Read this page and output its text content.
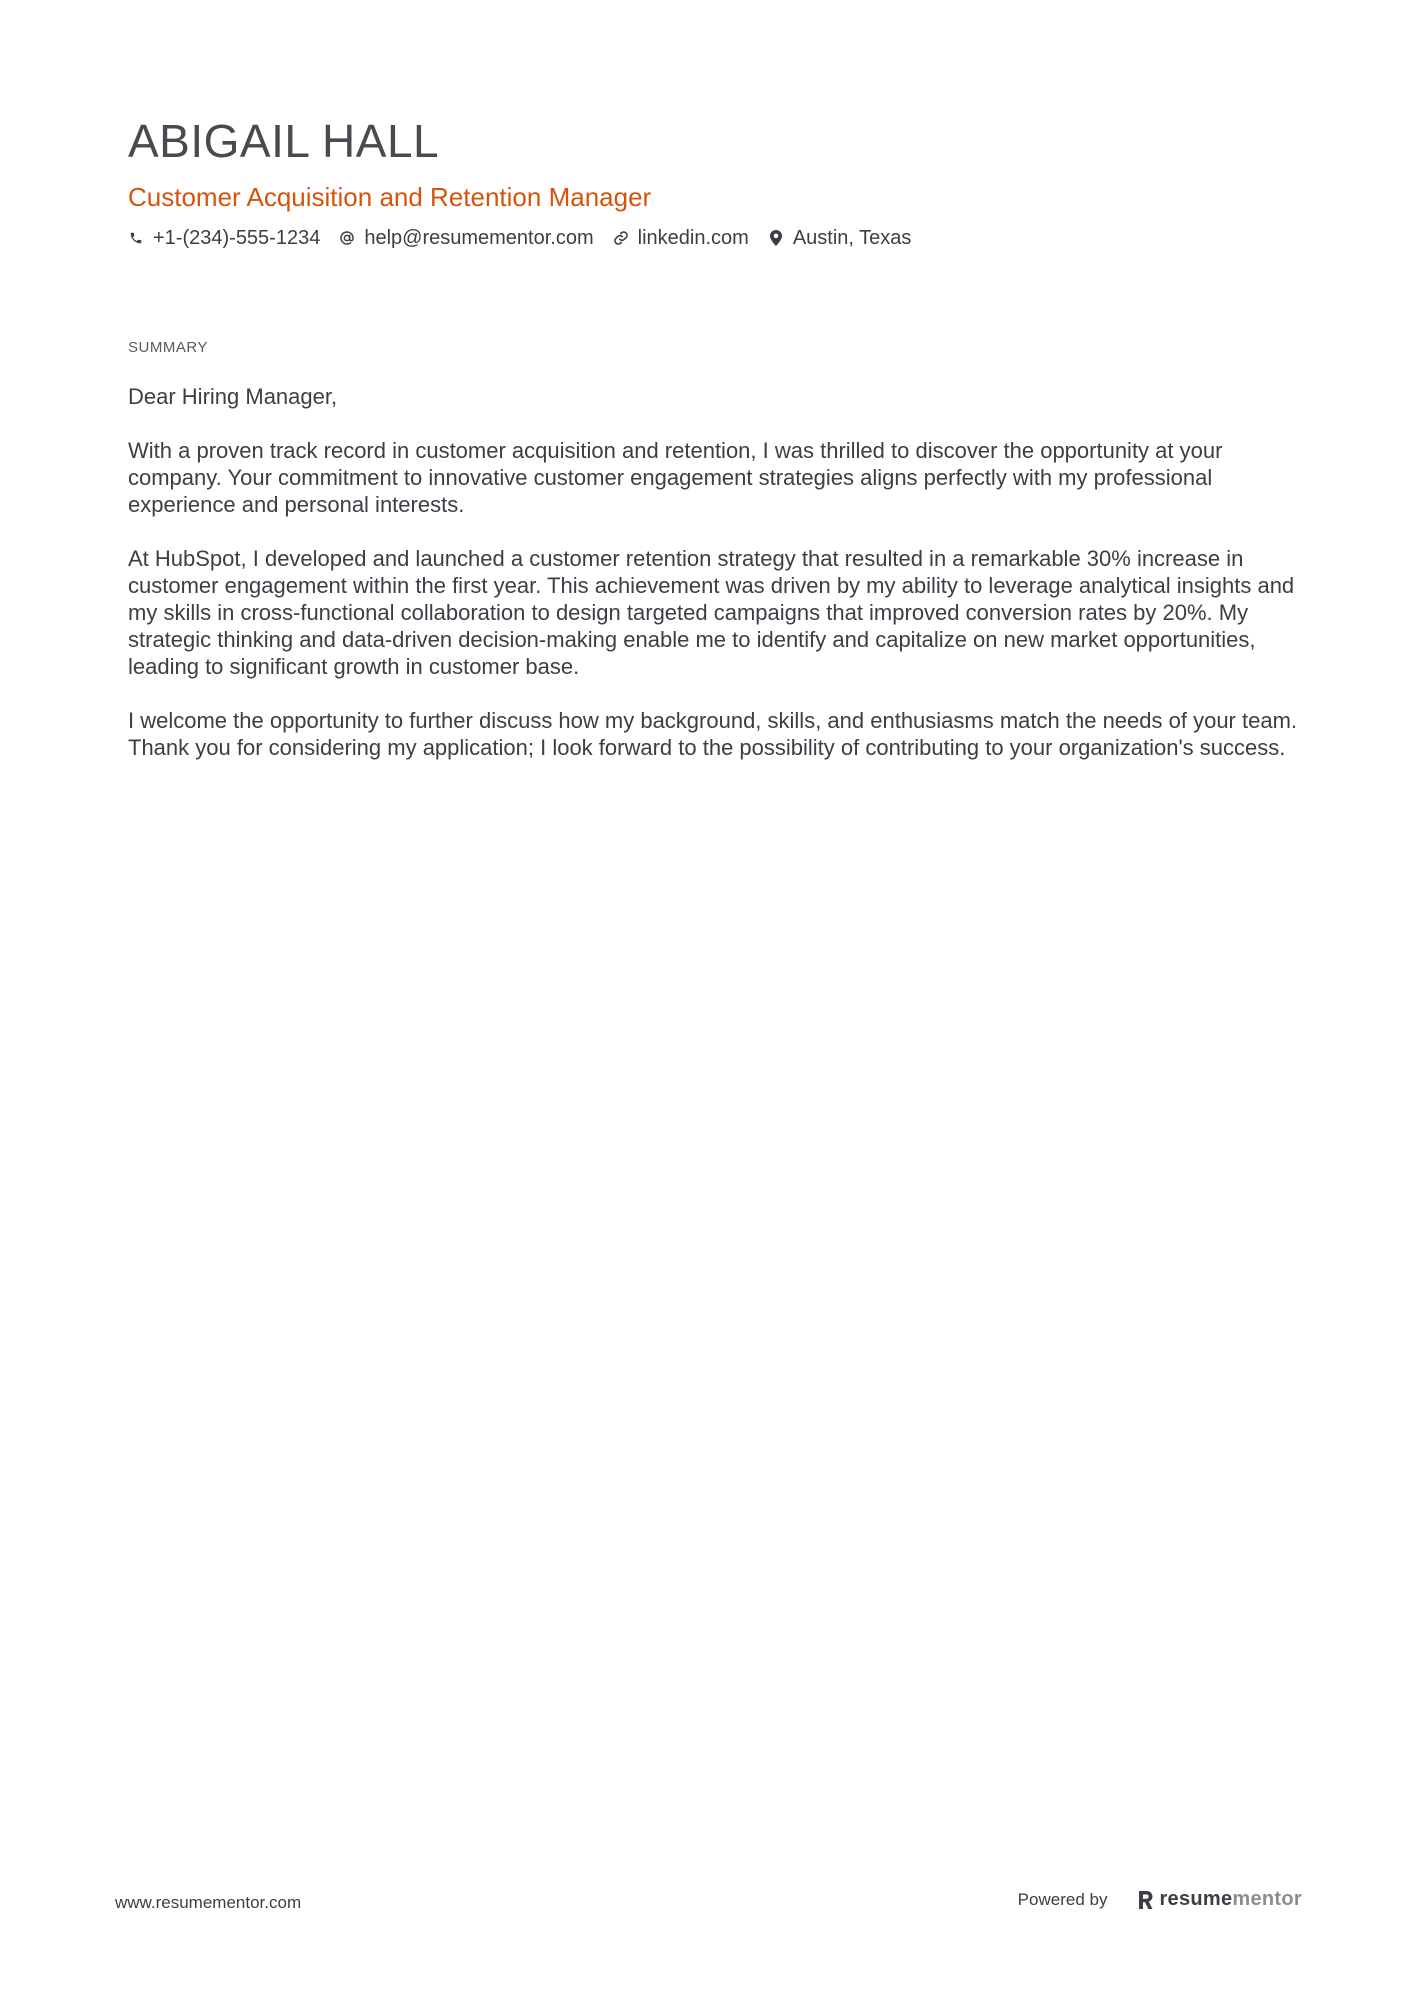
ABIGAIL HALL
Customer Acquisition and Retention Manager
+1-(234)-555-1234 help@resumementor.com linkedin.com Austin, Texas
SUMMARY

Dear Hiring Manager,

With a proven track record in customer acquisition and retention, I was thrilled to discover the opportunity at your company. Your commitment to innovative customer engagement strategies aligns perfectly with my professional experience and personal interests.

At HubSpot, I developed and launched a customer retention strategy that resulted in a remarkable 30% increase in customer engagement within the first year. This achievement was driven by my ability to leverage analytical insights and my skills in cross-functional collaboration to design targeted campaigns that improved conversion rates by 20%. My strategic thinking and data-driven decision-making enable me to identify and capitalize on new market opportunities, leading to significant growth in customer base.

I welcome the opportunity to further discuss how my background, skills, and enthusiasms match the needs of your team. Thank you for considering my application; I look forward to the possibility of contributing to your organization's success.

www.resumementor.com	Powered by	resume mentor
